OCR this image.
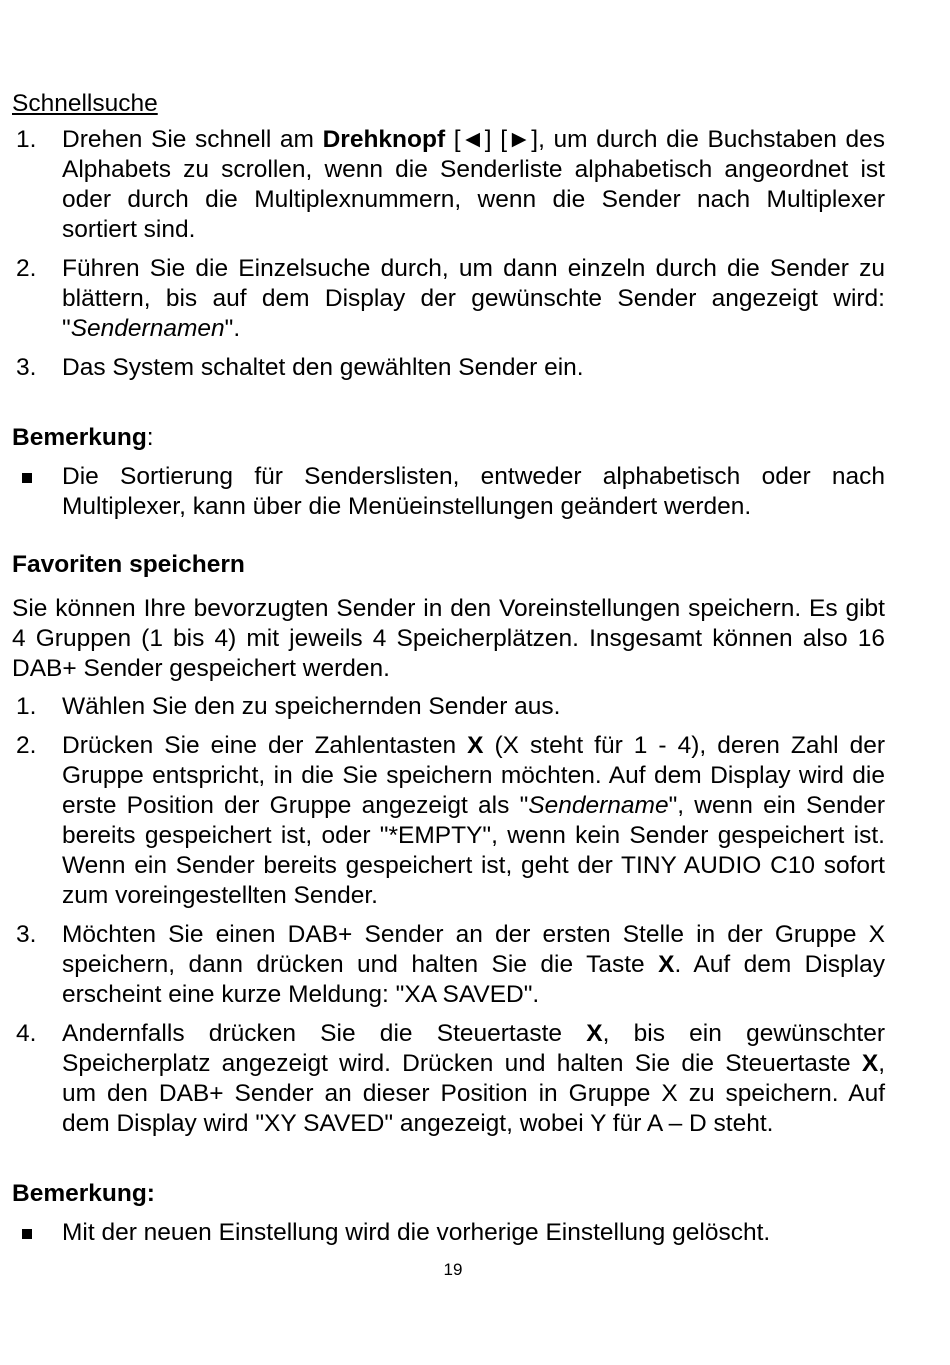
Schnellsuche

1. Drehen Sie schnell am Drehknopf [◄] [►], um durch die Buchstaben des Alphabets zu scrollen, wenn die Senderliste alphabetisch angeordnet ist oder durch die Multiplexnummern, wenn die Sender nach Multiplexer sortiert sind.
2. Führen Sie die Einzelsuche durch, um dann einzeln durch die Sender zu blättern, bis auf dem Display der gewünschte Sender angezeigt wird: "Sendernamen".
3. Das System schaltet den gewählten Sender ein.

Bemerkung:

Die Sortierung für Senderslisten, entweder alphabetisch oder nach Multiplexer, kann über die Menüeinstellungen geändert werden.

Favoriten speichern

Sie können Ihre bevorzugten Sender in den Voreinstellungen speichern. Es gibt 4 Gruppen (1 bis 4) mit jeweils 4 Speicherplätzen. Insgesamt können also 16 DAB+ Sender gespeichert werden.

1. Wählen Sie den zu speichernden Sender aus.
2. Drücken Sie eine der Zahlentasten X (X steht für 1 - 4), deren Zahl der Gruppe entspricht, in die Sie speichern möchten. Auf dem Display wird die erste Position der Gruppe angezeigt als "Sendername", wenn ein Sender bereits gespeichert ist, oder "*EMPTY", wenn kein Sender gespeichert ist. Wenn ein Sender bereits gespeichert ist, geht der TINY AUDIO C10 sofort zum voreingestellten Sender.
3. Möchten Sie einen DAB+ Sender an der ersten Stelle in der Gruppe X speichern, dann drücken und halten Sie die Taste X. Auf dem Display erscheint eine kurze Meldung: "XA SAVED".
4. Andernfalls drücken Sie die Steuertaste X, bis ein gewünschter Speicherplatz angezeigt wird. Drücken und halten Sie die Steuertaste X, um den DAB+ Sender an dieser Position in Gruppe X zu speichern. Auf dem Display wird "XY SAVED" angezeigt, wobei Y für A – D steht.

Bemerkung:

Mit der neuen Einstellung wird die vorherige Einstellung gelöscht.
19
